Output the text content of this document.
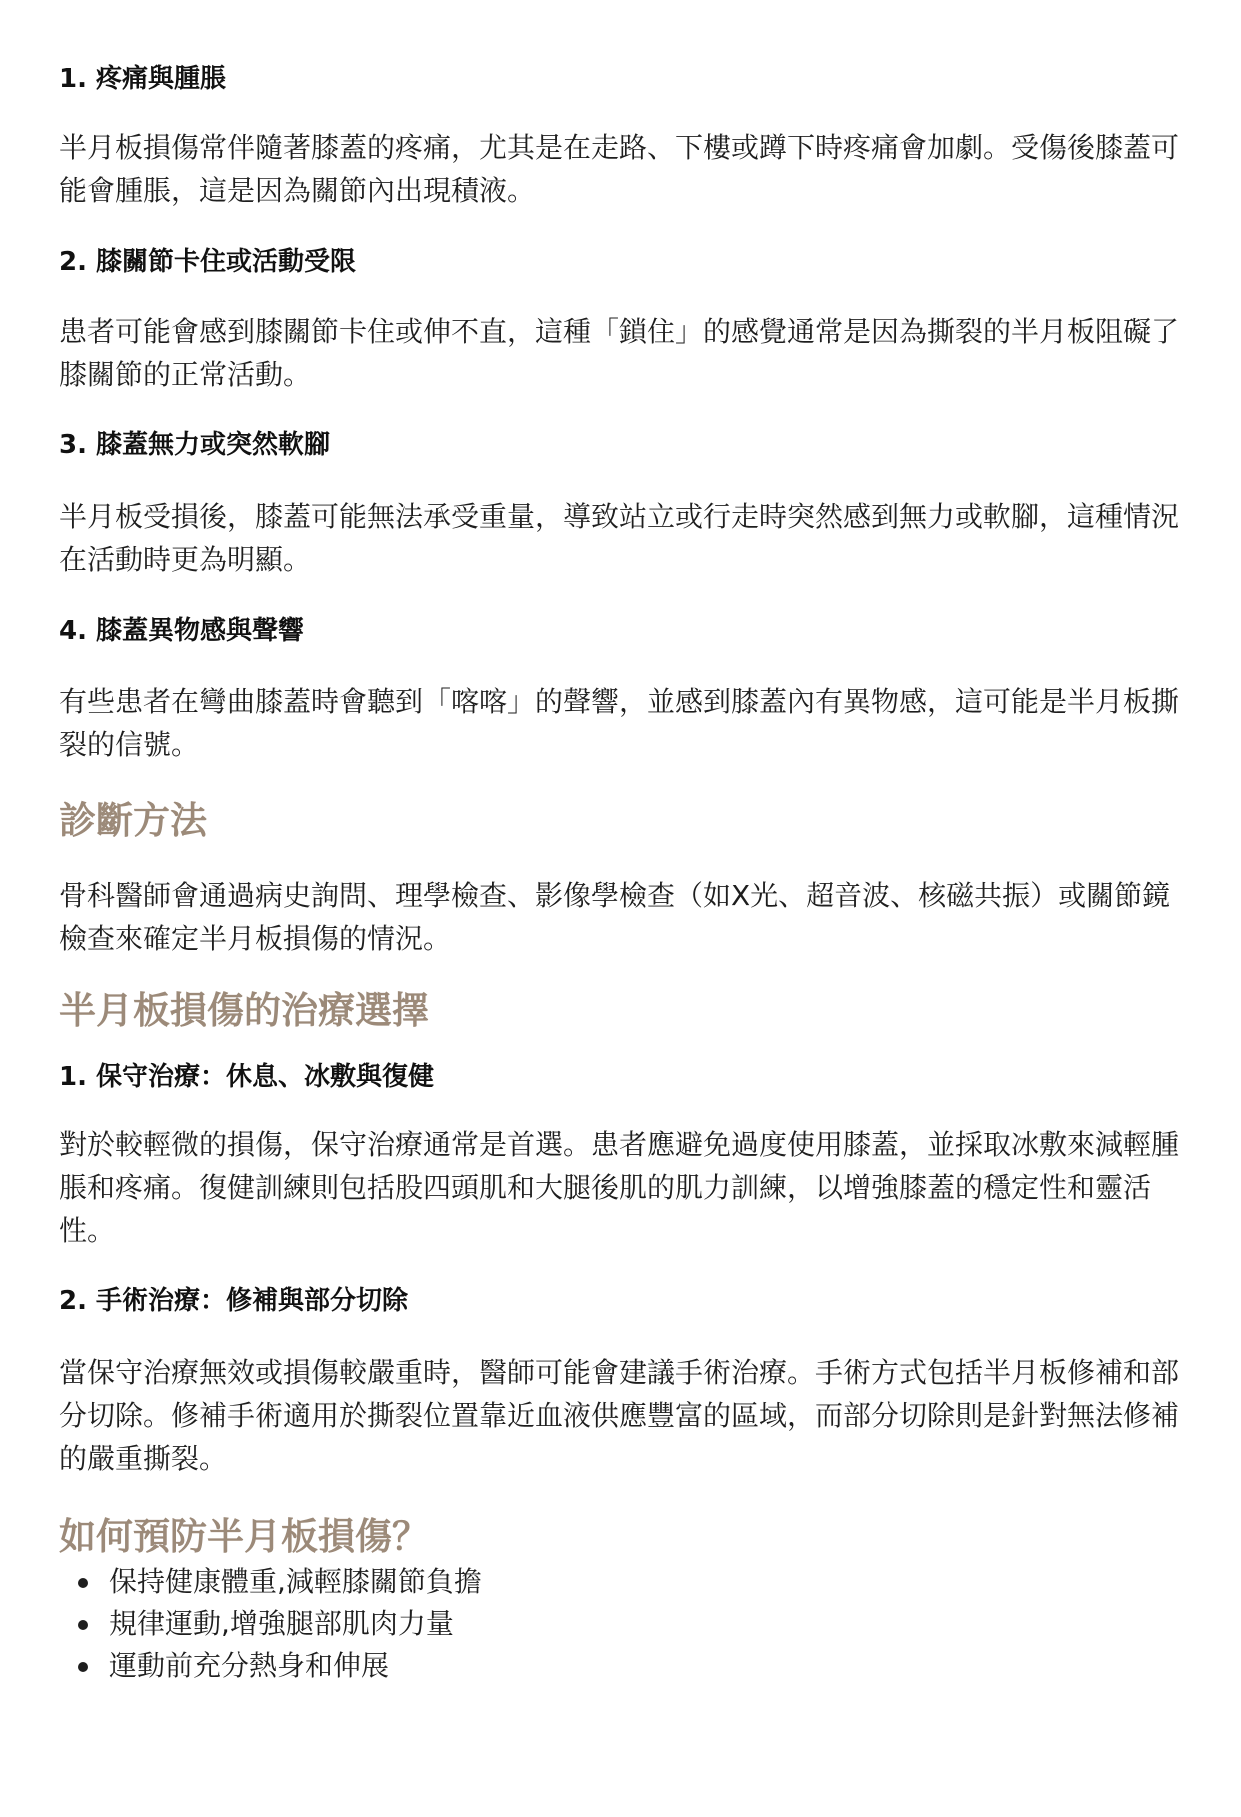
1. 疼痛與腫脹

半月板損傷常伴隨著膝蓋的疼痛，尤其是在走路、下樓或蹲下時疼痛會加劇。受傷後膝蓋可能會腫脹，這是因為關節內出現積液。

2. 膝關節卡住或活動受限

患者可能會感到膝關節卡住或伸不直，這種「鎖住」的感覺通常是因為撕裂的半月板阻礙了膝關節的正常活動。

3. 膝蓋無力或突然軟腳

半月板受損後，膝蓋可能無法承受重量，導致站立或行走時突然感到無力或軟腳，這種情況在活動時更為明顯。

4. 膝蓋異物感與聲響

有些患者在彎曲膝蓋時會聽到「喀喀」的聲響，並感到膝蓋內有異物感，這可能是半月板撕裂的信號。

診斷方法

骨科醫師會通過病史詢問、理學檢查、影像學檢查（如X光、超音波、核磁共振）或關節鏡檢查來確定半月板損傷的情況。

半月板損傷的治療選擇
1. 保守治療：休息、冰敷與復健

對於較輕微的損傷，保守治療通常是首選。患者應避免過度使用膝蓋，並採取冰敷來減輕腫脹和疼痛。復健訓練則包括股四頭肌和大腿後肌的肌力訓練，以增強膝蓋的穩定性和靈活性。

2. 手術治療：修補與部分切除

當保守治療無效或損傷較嚴重時，醫師可能會建議手術治療。手術方式包括半月板修補和部分切除。修補手術適用於撕裂位置靠近血液供應豐富的區域，而部分切除則是針對無法修補的嚴重撕裂。

如何預防半月板損傷？
保持健康體重,減輕膝關節負擔
規律運動,增強腿部肌肉力量
運動前充分熱身和伸展
